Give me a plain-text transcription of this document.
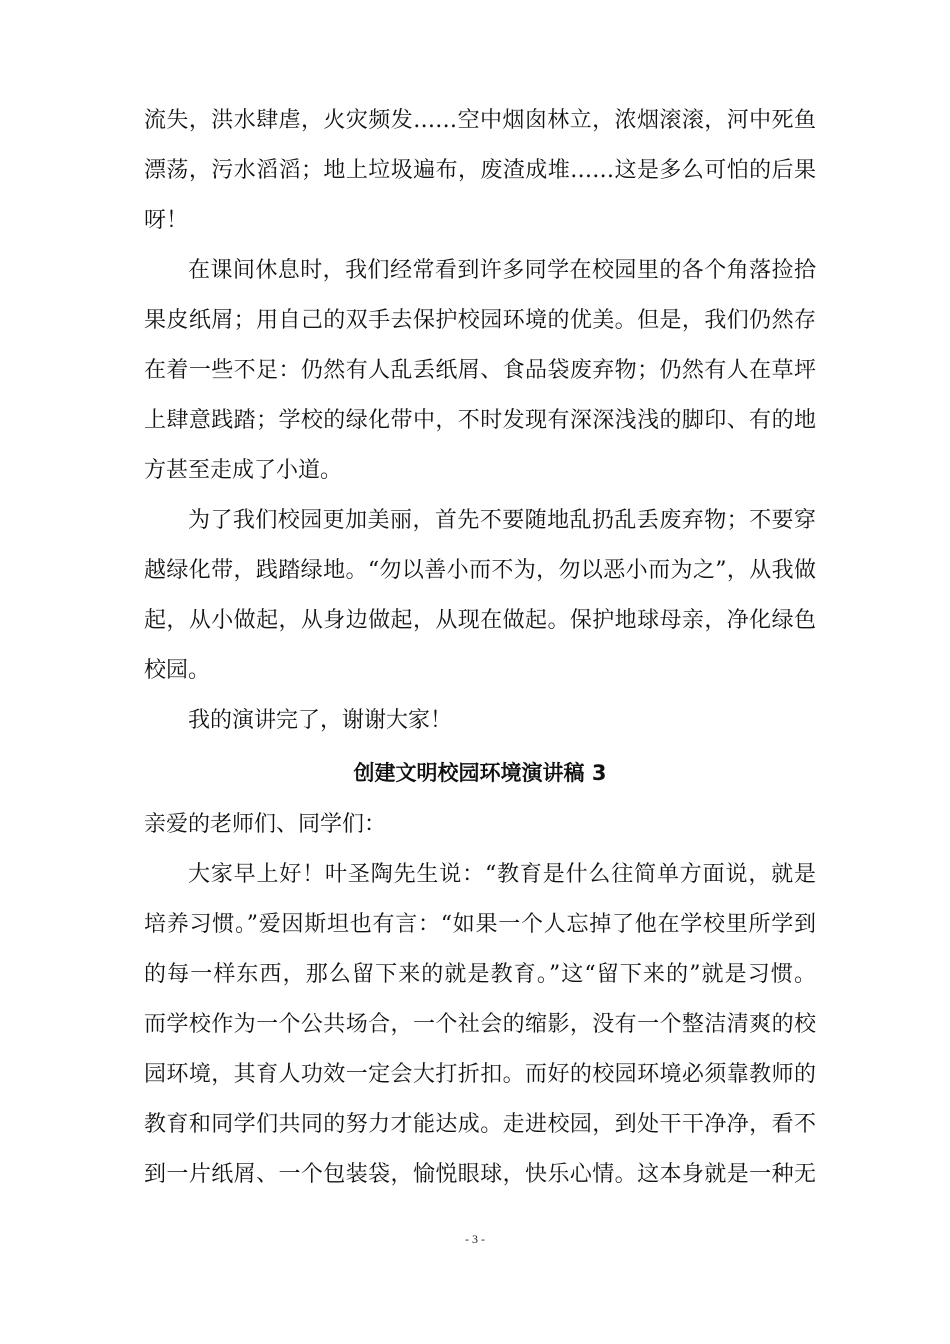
流失，洪水肆虐，火灾频发……空中烟囱林立，浓烟滚滚，河中死鱼
漂荡，污水滔滔；地上垃圾遍布，废渣成堆……这是多么可怕的后果
呀！
在课间休息时，我们经常看到许多同学在校园里的各个角落捡拾
果皮纸屑；用自己的双手去保护校园环境的优美。但是，我们仍然存
在着一些不足：仍然有人乱丢纸屑、食品袋废弃物；仍然有人在草坪
上肆意践踏；学校的绿化带中，不时发现有深深浅浅的脚印、有的地
方甚至走成了小道。
为了我们校园更加美丽，首先不要随地乱扔乱丢废弃物；不要穿
越绿化带，践踏绿地。“勿以善小而不为，勿以恶小而为之”，从我做
起，从小做起，从身边做起，从现在做起。保护地球母亲，净化绿色
校园。
我的演讲完了，谢谢大家！
创建文明校园环境演讲稿 3
亲爱的老师们、同学们：
大家早上好！叶圣陶先生说：“教育是什么往简单方面说，就是
培养习惯。”爱因斯坦也有言：“如果一个人忘掉了他在学校里所学到
的每一样东西，那么留下来的就是教育。”这“留下来的”就是习惯。
而学校作为一个公共场合，一个社会的缩影，没有一个整洁清爽的校
园环境，其育人功效一定会大打折扣。而好的校园环境必须靠教师的
教育和同学们共同的努力才能达成。走进校园，到处干干净净，看不
到一片纸屑、一个包装袋，愉悦眼球，快乐心情。这本身就是一种无
- 3 -
